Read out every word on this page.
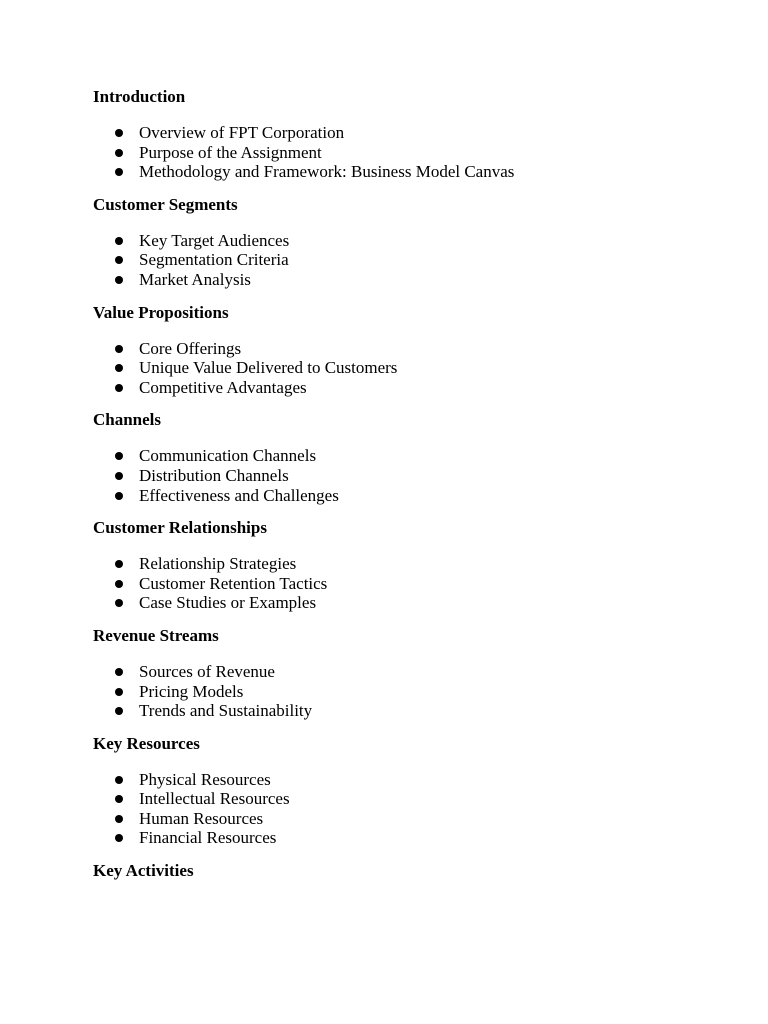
Introduction
Overview of FPT Corporation
Purpose of the Assignment
Methodology and Framework: Business Model Canvas
Customer Segments
Key Target Audiences
Segmentation Criteria
Market Analysis
Value Propositions
Core Offerings
Unique Value Delivered to Customers
Competitive Advantages
Channels
Communication Channels
Distribution Channels
Effectiveness and Challenges
Customer Relationships
Relationship Strategies
Customer Retention Tactics
Case Studies or Examples
Revenue Streams
Sources of Revenue
Pricing Models
Trends and Sustainability
Key Resources
Physical Resources
Intellectual Resources
Human Resources
Financial Resources
Key Activities
